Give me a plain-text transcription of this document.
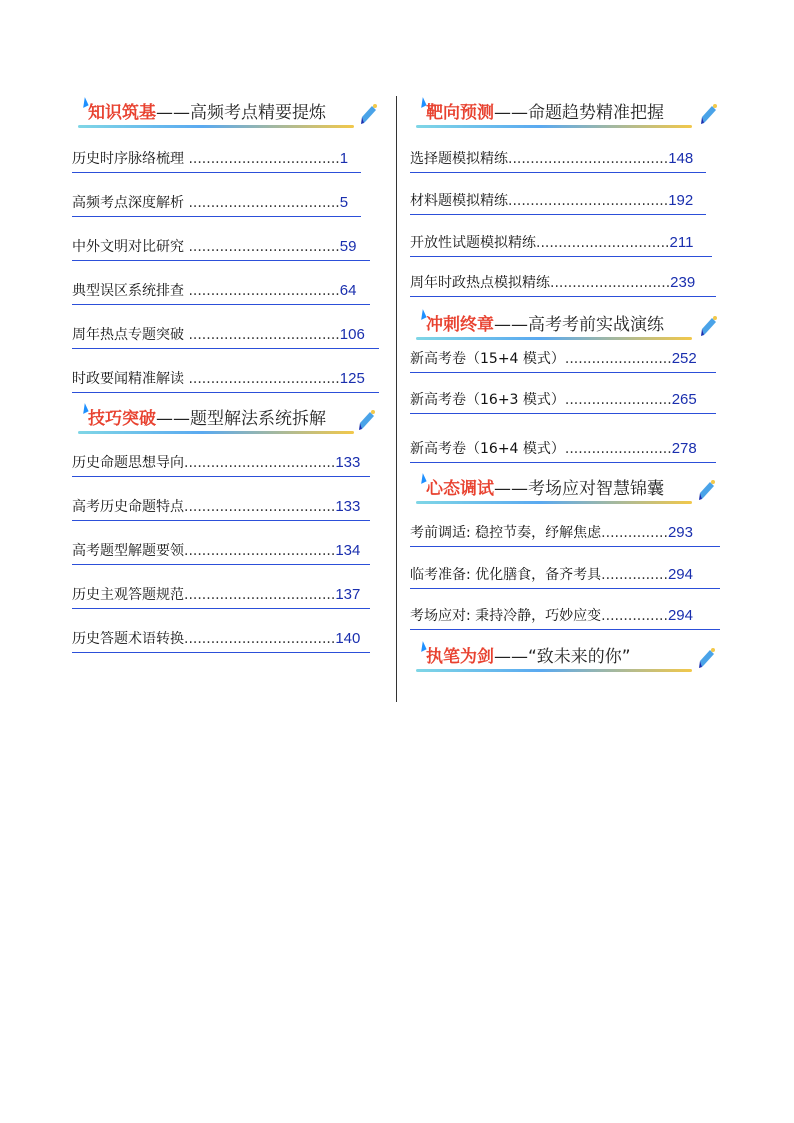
知识筑基——高频考点精要提炼
历史时序脉络梳理 ..................................1
高频考点深度解析 ..................................5
中外文明对比研究 ..................................59
典型误区系统排查 ..................................64
周年热点专题突破 ..................................106
时政要闻精准解读 ..................................125
技巧突破——题型解法系统拆解
历史命题思想导向..................................133
高考历史命题特点..................................133
高考题型解题要领..................................134
历史主观答题规范..................................137
历史答题术语转换..................................140
靶向预测——命题趋势精准把握
选择题模拟精练....................................148
材料题模拟精练....................................192
开放性试题模拟精练..............................211
周年时政热点模拟精练...........................239
冲刺终章——高考考前实战演练
新高考卷（15+4 模式）........................252
新高考卷（16+3 模式）........................265
新高考卷（16+4 模式）........................278
心态调试——考场应对智慧锦囊
考前调适: 稳控节奏，纾解焦虑...............293
临考准备: 优化膳食，备齐考具...............294
考场应对: 秉持冷静，巧妙应变...............294
执笔为剑——“致未来的你”
